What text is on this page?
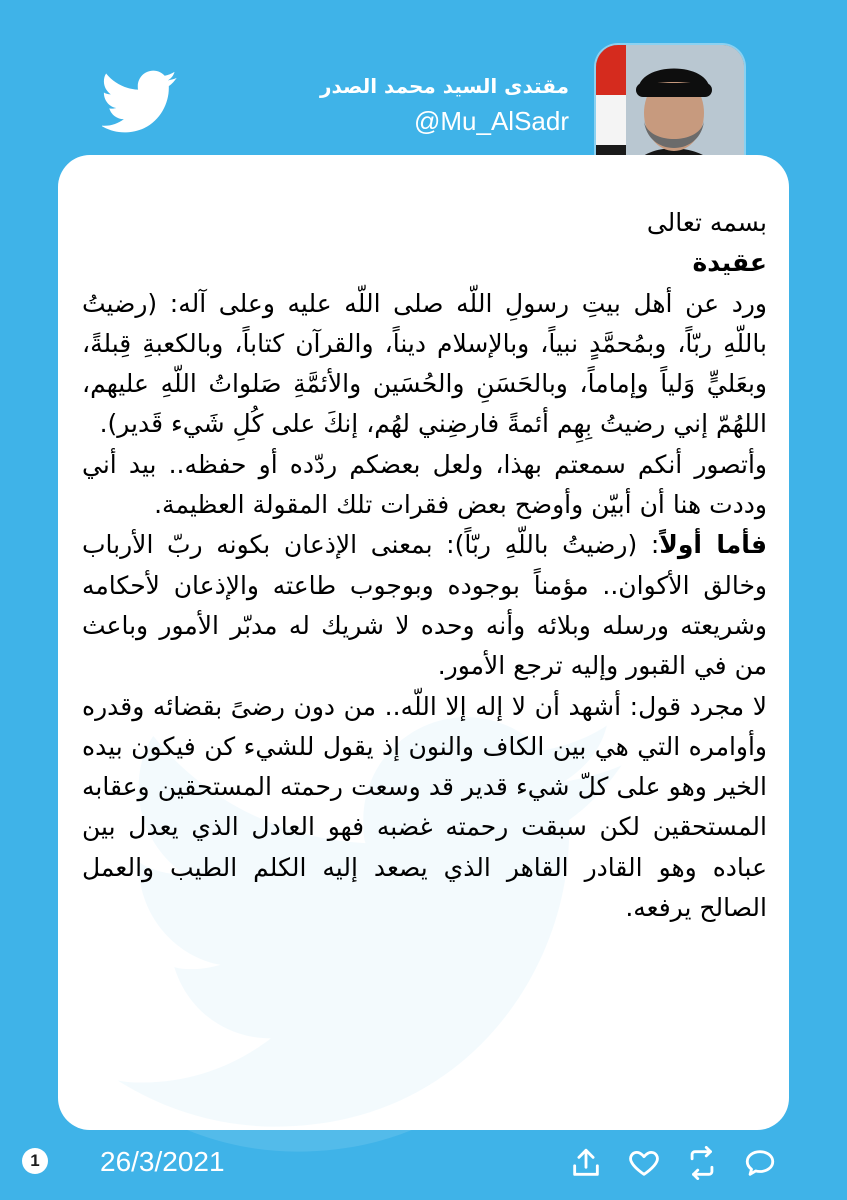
مقتدى السيد محمد الصدر
@Mu_AlSadr

بسمه تعالى

عقيدة

ورد عن أهل بيتِ رسولِ اللّه صلى اللّه عليه وعلى آله: (رضيتُ باللّهِ ربّاً، وبمُحمَّدٍ نبياً، وبالإسلام ديناً، والقرآن كتاباً، وبالكعبةِ قِبلةً، وبعَليٍّ وَلياً وإماماً، وبالحَسَنِ والحُسَين والأئمَّةِ صَلواتُ اللّهِ عليهم، اللهُمّ إني رضيتُ بِهِم أئمةً فارضِني لهُم، إنكَ على كُلِ شَيء قَدير).

وأتصور أنكم سمعتم بهذا، ولعل بعضكم ردّده أو حفظه.. بيد أني وددت هنا أن أبيّن وأوضح بعض فقرات تلك المقولة العظيمة.

فأما أولاً: (رضيتُ باللّهِ ربّاً): بمعنى الإذعان بكونه ربّ الأرباب وخالق الأكوان.. مؤمناً بوجوده وبوجوب طاعته والإذعان لأحكامه وشريعته ورسله وبلائه وأنه وحده لا شريك له مدبّر الأمور وباعث من في القبور وإليه ترجع الأمور.

لا مجرد قول: أشهد أن لا إله إلا اللّه.. من دون رضىً بقضائه وقدره وأوامره التي هي بين الكاف والنون إذ يقول للشيء كن فيكون بيده الخير وهو على كلّ شيء قدير قد وسعت رحمته المستحقين وعقابه المستحقين لكن سبقت رحمته غضبه فهو العادل الذي يعدل بين عباده وهو القادر القاهر الذي يصعد إليه الكلم الطيب والعمل الصالح يرفعه.

1 26/3/2021
